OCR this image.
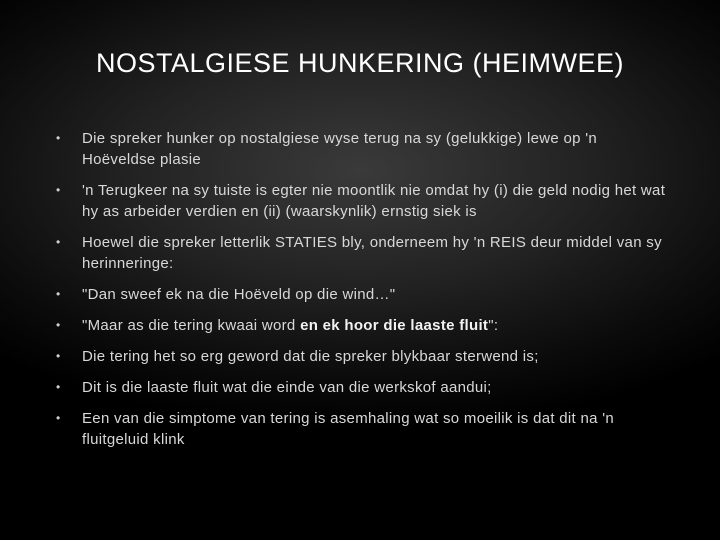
NOSTALGIESE HUNKERING (HEIMWEE)
• Die spreker hunker op nostalgiese wyse terug na sy (gelukkige) lewe op 'n Hoëveldse plasie
• 'n Terugkeer na sy tuiste is egter nie moontlik nie omdat hy (i) die geld nodig het wat hy as arbeider verdien en (ii) (waarskynlik) ernstig siek is
• Hoewel die spreker letterlik STATIES bly, onderneem hy 'n REIS deur middel van sy herinneringe:
• "Dan sweef ek na die Hoëveld op die wind…"
• "Maar as die tering kwaai word en ek hoor die laaste fluit":
• Die tering het so erg geword dat die spreker blykbaar sterwend is;
• Dit is die laaste fluit wat die einde van die werkskof aandui;
• Een van die simptome van tering is asemhaling wat so moeilik is dat dit na 'n fluitgeluid klink
